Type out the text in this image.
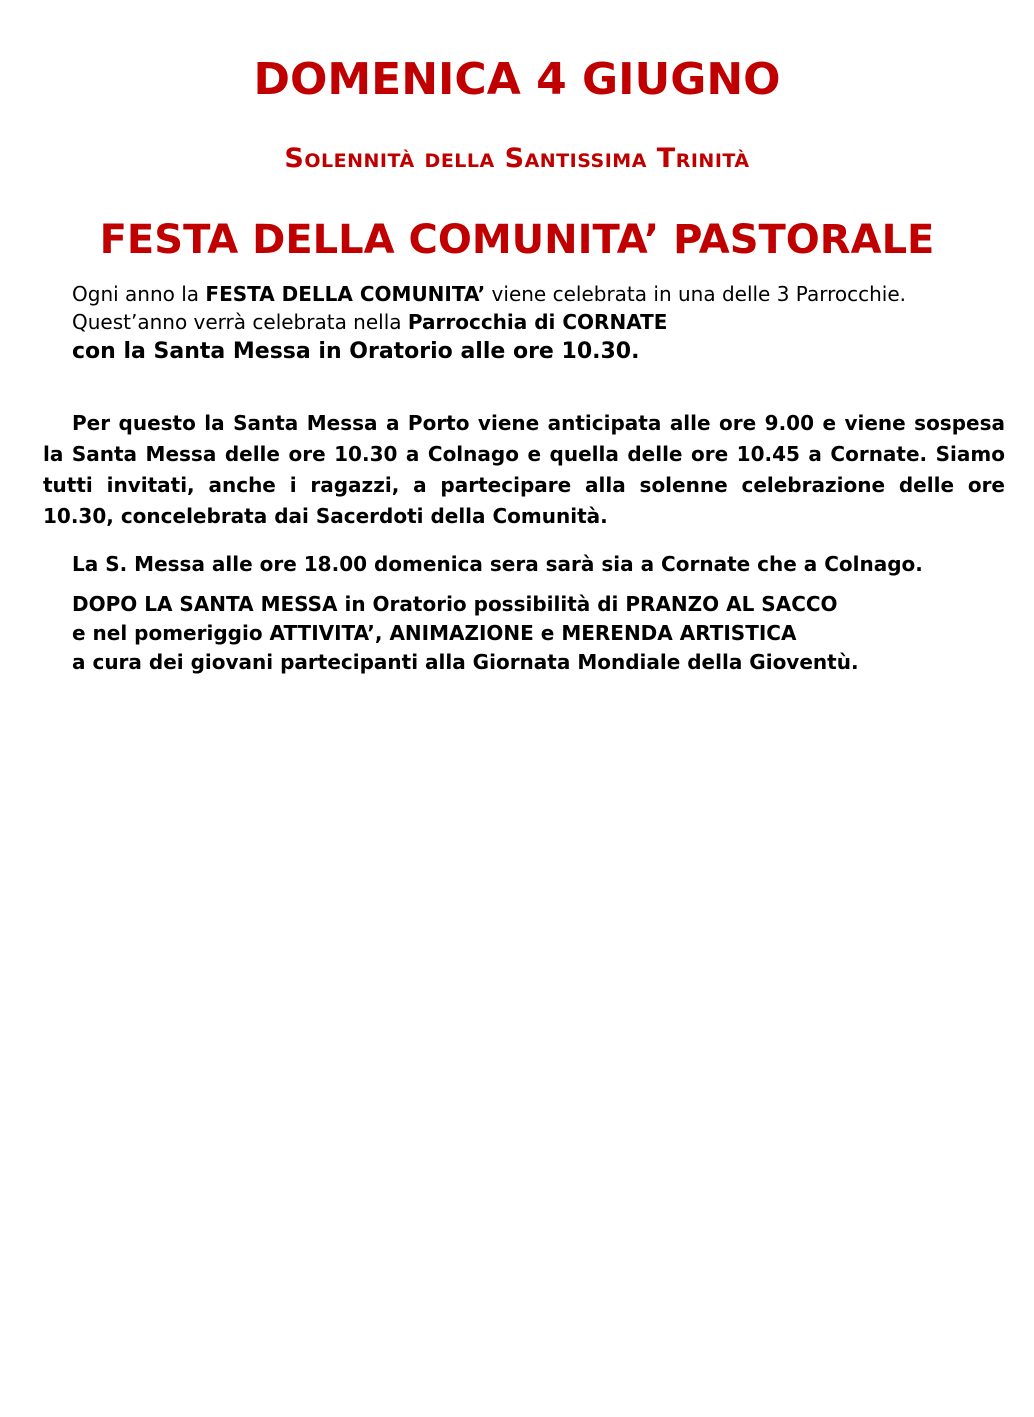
DOMENICA 4 GIUGNO
Solennità della Santissima Trinità
FESTA DELLA COMUNITA’ PASTORALE

Ogni anno la FESTA DELLA COMUNITA’ viene celebrata in una delle 3 Parrocchie.

Quest’anno verrà celebrata nella Parrocchia di CORNATE

con la Santa Messa in Oratorio alle ore 10.30.

Per questo la Santa Messa a Porto viene anticipata alle ore 9.00 e viene sospesa la Santa Messa delle ore 10.30 a Colnago e quella delle ore 10.45 a Cornate. Siamo tutti invitati, anche i ragazzi, a partecipare alla solenne celebrazione delle ore 10.30, concelebrata dai Sacerdoti della Comunità.

La S. Messa alle ore 18.00 domenica sera sarà sia a Cornate che a Colnago.

DOPO LA SANTA MESSA in Oratorio possibilità di PRANZO AL SACCO

e nel pomeriggio ATTIVITA’, ANIMAZIONE e MERENDA ARTISTICA

a cura dei giovani partecipanti alla Giornata Mondiale della Gioventù.
